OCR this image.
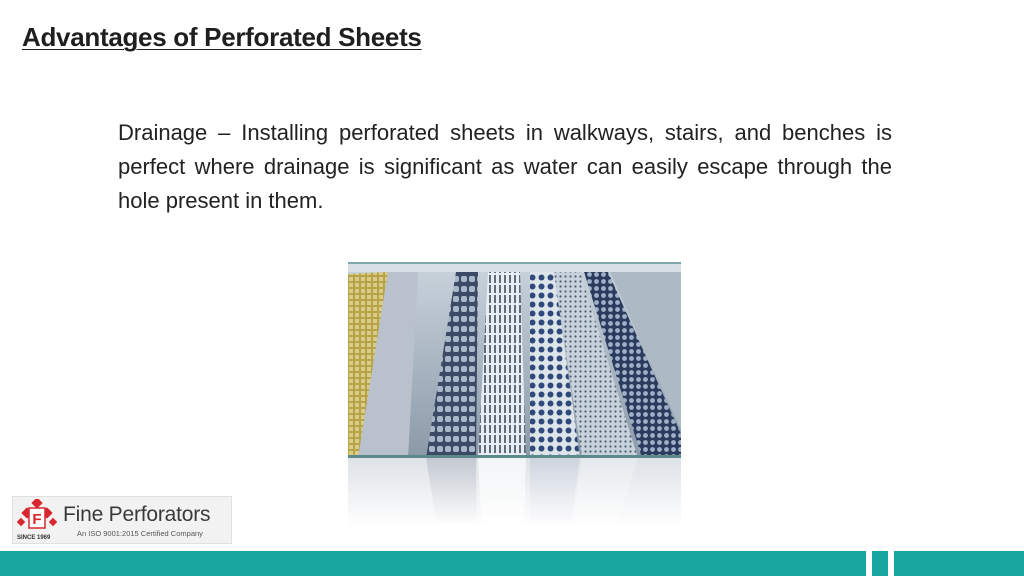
Advantages of Perforated Sheets
Drainage – Installing perforated sheets in walkways, stairs, and benches is perfect where drainage is significant as water can easily escape through the hole present in them.
F
SINCE 1969
Fine Perforators
An ISO 9001:2015 Certified Company
